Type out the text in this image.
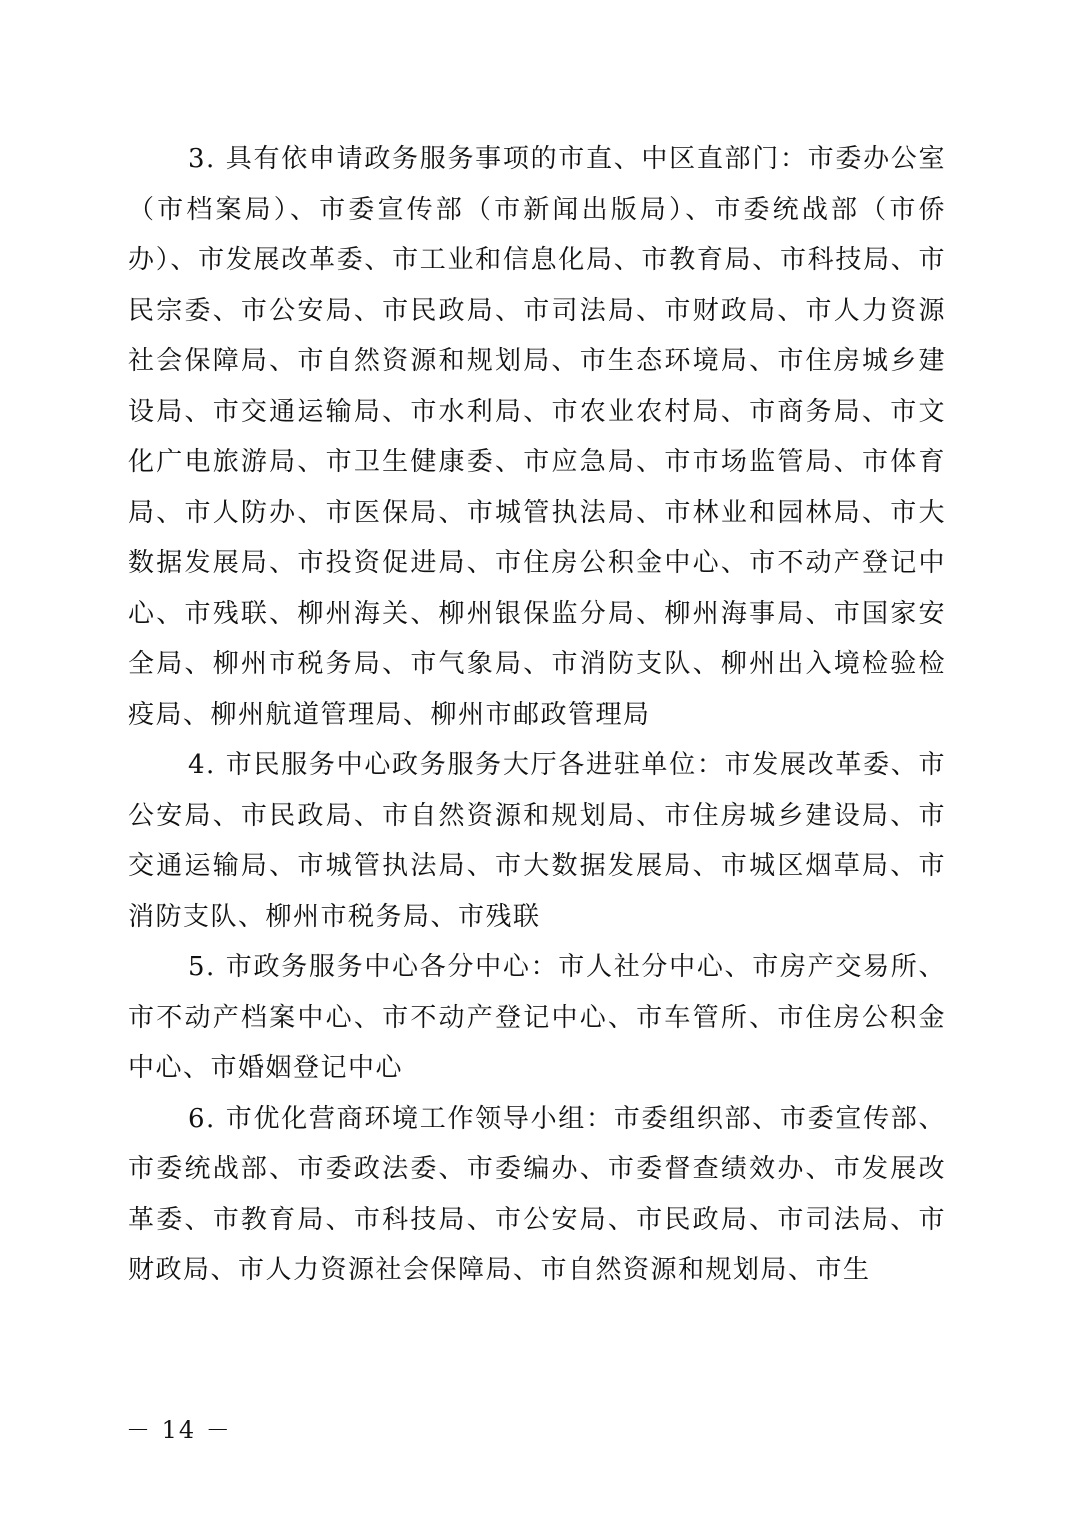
3. 具有依申请政务服务事项的市直、中区直部门：市委办公室（市档案局）、市委宣传部（市新闻出版局）、市委统战部（市侨办）、市发展改革委、市工业和信息化局、市教育局、市科技局、市民宗委、市公安局、市民政局、市司法局、市财政局、市人力资源社会保障局、市自然资源和规划局、市生态环境局、市住房城乡建设局、市交通运输局、市水利局、市农业农村局、市商务局、市文化广电旅游局、市卫生健康委、市应急局、市市场监管局、市体育局、市人防办、市医保局、市城管执法局、市林业和园林局、市大数据发展局、市投资促进局、市住房公积金中心、市不动产登记中心、市残联、柳州海关、柳州银保监分局、柳州海事局、市国家安全局、柳州市税务局、市气象局、市消防支队、柳州出入境检验检疫局、柳州航道管理局、柳州市邮政管理局

4. 市民服务中心政务服务大厅各进驻单位：市发展改革委、市公安局、市民政局、市自然资源和规划局、市住房城乡建设局、市交通运输局、市城管执法局、市大数据发展局、市城区烟草局、市消防支队、柳州市税务局、市残联

5. 市政务服务中心各分中心：市人社分中心、市房产交易所、市不动产档案中心、市不动产登记中心、市车管所、市住房公积金中心、市婚姻登记中心

6. 市优化营商环境工作领导小组：市委组织部、市委宣传部、市委统战部、市委政法委、市委编办、市委督查绩效办、市发展改革委、市教育局、市科技局、市公安局、市民政局、市司法局、市财政局、市人力资源社会保障局、市自然资源和规划局、市生

－ 14 －
